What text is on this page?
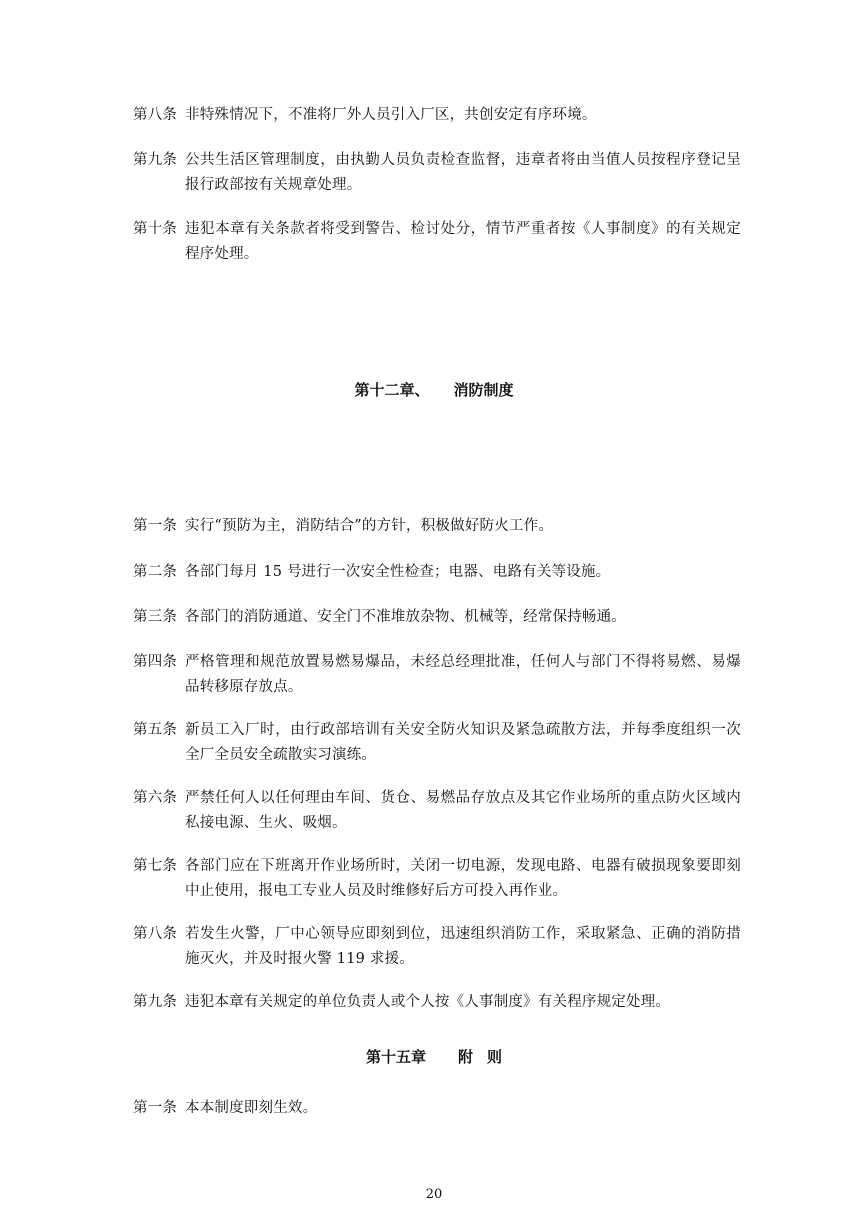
第八条 非特殊情况下，不准将厂外人员引入厂区，共创安定有序环境。
第九条 公共生活区管理制度，由执勤人员负责检查监督，违章者将由当值人员按程序登记呈报行政部按有关规章处理。
第十条 违犯本章有关条款者将受到警告、检讨处分，情节严重者按《人事制度》的有关规定程序处理。
第十二章、 消防制度
第一条 实行“预防为主，消防结合”的方针，积极做好防火工作。
第二条 各部门每月 15 号进行一次安全性检查；电器、电路有关等设施。
第三条 各部门的消防通道、安全门不准堆放杂物、机械等，经常保持畅通。
第四条 严格管理和规范放置易燃易爆品，未经总经理批准，任何人与部门不得将易燃、易爆品转移原存放点。
第五条 新员工入厂时，由行政部培训有关安全防火知识及紧急疏散方法，并每季度组织一次全厂全员安全疏散实习演练。
第六条 严禁任何人以任何理由车间、货仓、易燃品存放点及其它作业场所的重点防火区域内私接电源、生火、吸烟。
第七条 各部门应在下班离开作业场所时，关闭一切电源，发现电路、电器有破损现象要即刻中止使用，报电工专业人员及时维修好后方可投入再作业。
第八条 若发生火警，厂中心领导应即刻到位，迅速组织消防工作，采取紧急、正确的消防措施灭火，并及时报火警 119 求援。
第九条 违犯本章有关规定的单位负责人或个人按《人事制度》有关程序规定处理。
第十五章 附 则
第一条 本本制度即刻生效。
20
